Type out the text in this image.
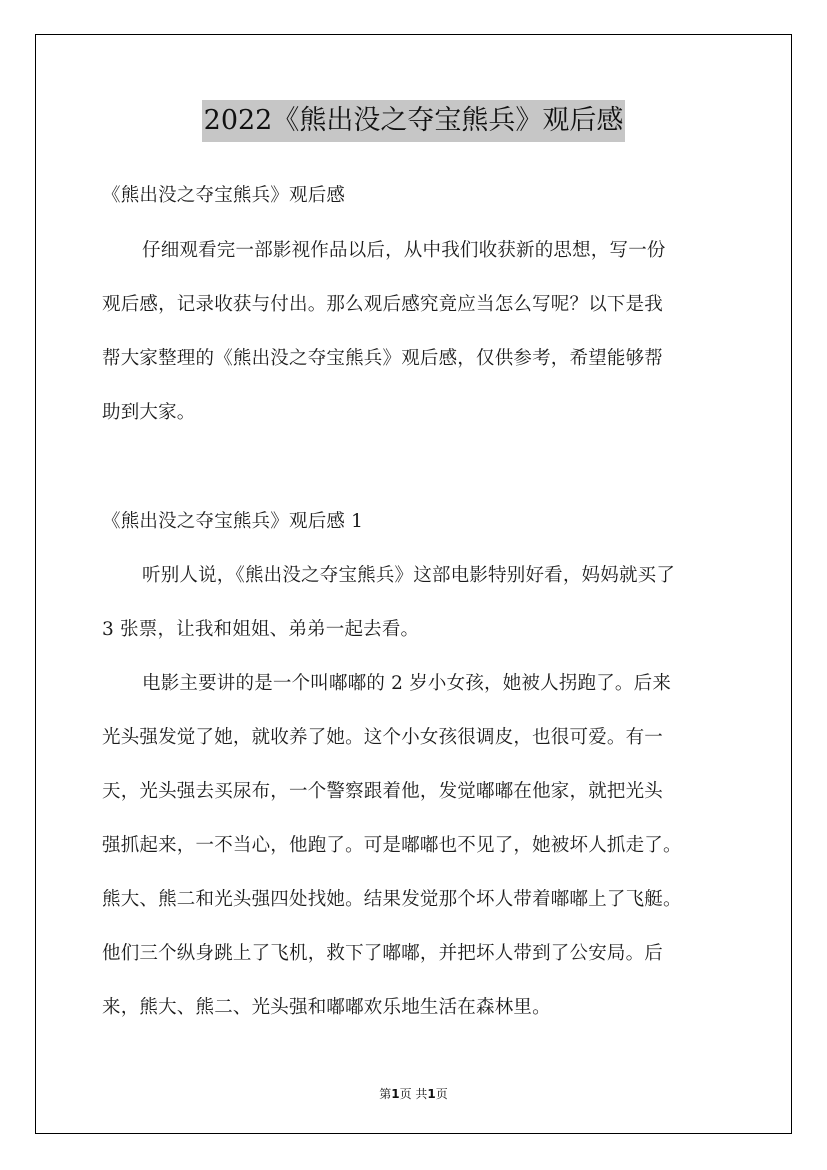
2022《熊出没之夺宝熊兵》观后感
《熊出没之夺宝熊兵》观后感
仔细观看完一部影视作品以后，从中我们收获新的思想，写一份
观后感，记录收获与付出。那么观后感究竟应当怎么写呢？以下是我
帮大家整理的《熊出没之夺宝熊兵》观后感，仅供参考，希望能够帮
助到大家。
《熊出没之夺宝熊兵》观后感 1
听别人说，《熊出没之夺宝熊兵》这部电影特别好看，妈妈就买了
3 张票，让我和姐姐、弟弟一起去看。
电影主要讲的是一个叫嘟嘟的 2 岁小女孩，她被人拐跑了。后来
光头强发觉了她，就收养了她。这个小女孩很调皮，也很可爱。有一
天，光头强去买尿布，一个警察跟着他，发觉嘟嘟在他家，就把光头
强抓起来，一不当心，他跑了。可是嘟嘟也不见了，她被坏人抓走了。
熊大、熊二和光头强四处找她。结果发觉那个坏人带着嘟嘟上了飞艇。
他们三个纵身跳上了飞机，救下了嘟嘟，并把坏人带到了公安局。后
来，熊大、熊二、光头强和嘟嘟欢乐地生活在森林里。
第1页 共1页
